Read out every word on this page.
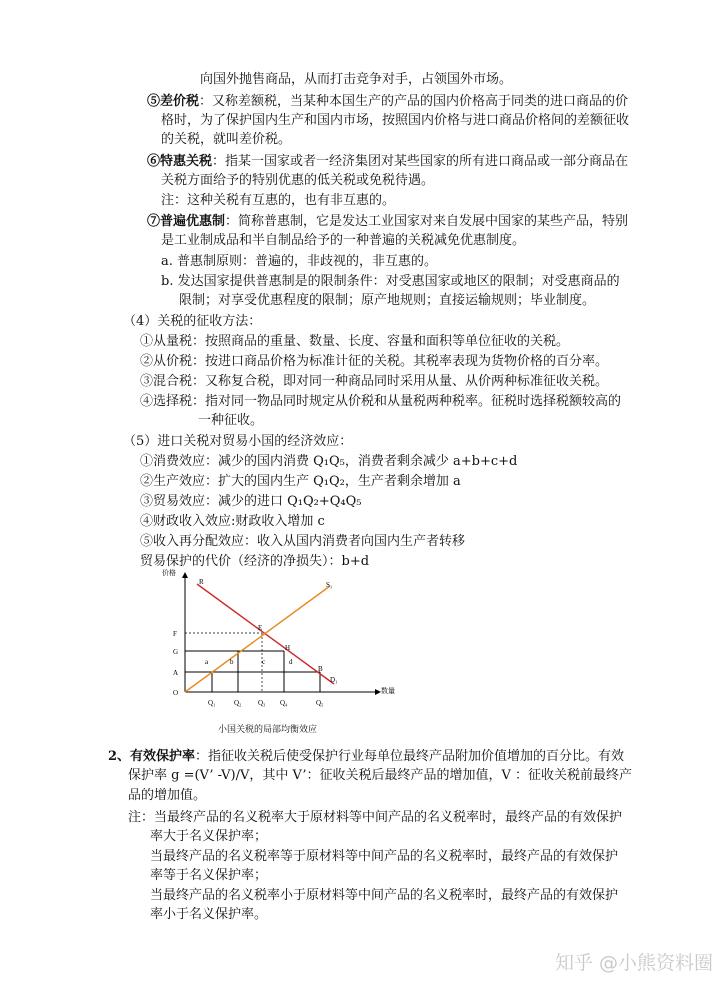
向国外抛售商品，从而打击竞争对手，占领国外市场。
⑤差价税：又称差额税，当某种本国生产的产品的国内价格高于同类的进口商品的价
格时，为了保护国内生产和国内市场，按照国内价格与进口商品价格间的差额征收
的关税，就叫差价税。
⑥特惠关税：指某一国家或者一经济集团对某些国家的所有进口商品或一部分商品在
关税方面给予的特别优惠的低关税或免税待遇。
注：这种关税有互惠的，也有非互惠的。
⑦普遍优惠制：简称普惠制，它是发达工业国家对来自发展中国家的某些产品，特别
是工业制成品和半自制品给予的一种普遍的关税减免优惠制度。
a. 普惠制原则：普遍的，非歧视的，非互惠的。
b. 发达国家提供普惠制是的限制条件：对受惠国家或地区的限制；对受惠商品的
限制；对享受优惠程度的限制；原产地规则；直接运输规则；毕业制度。
（4）关税的征收方法：
①从量税：按照商品的重量、数量、长度、容量和面积等单位征收的关税。
②从价税：按进口商品价格为标准计征的关税。其税率表现为货物价格的百分率。
③混合税：又称复合税，即对同一种商品同时采用从量、从价两种标准征收关税。
④选择税：指对同一物品同时规定从价税和从量税两种税率。征税时选择税额较高的
一种征收。
（5）进口关税对贸易小国的经济效应：
①消费效应：减少的国内消费 Q₁Q₅，消费者剩余减少 a+b+c+d
②生产效应：扩大的国内生产 Q₁Q₂，生产者剩余增加 a
③贸易效应：减少的进口 Q₁Q₂+Q₄Q₅
④财政收入效应:财政收入增加 c
⑤收入再分配效应：收入从国内消费者向国内生产者转移
贸易保护的代价（经济的净损失）：b+d
2、有效保护率：指征收关税后使受保护行业每单位最终产品附加价值增加的百分比。有效
保护率 g =(V’ -V)/V，其中 V’：征收关税后最终产品的增加值，V ：征收关税前最终产
品的增加值。
注：当最终产品的名义税率大于原材料等中间产品的名义税率时，最终产品的有效保护
率大于名义保护率；
当最终产品的名义税率等于原材料等中间产品的名义税率时，最终产品的有效保护
率等于名义保护率；
当最终产品的名义税率小于原材料等中间产品的名义税率时，最终产品的有效保护
率小于名义保护率。
价格
数量
O
F
G
A
Q₁	Q₂ Q₃ Q₄	Q₅
R	S₁
D₁
E
H
B
a	b	c	d
小国关税的局部均衡效应
知乎 @小熊资料圈
